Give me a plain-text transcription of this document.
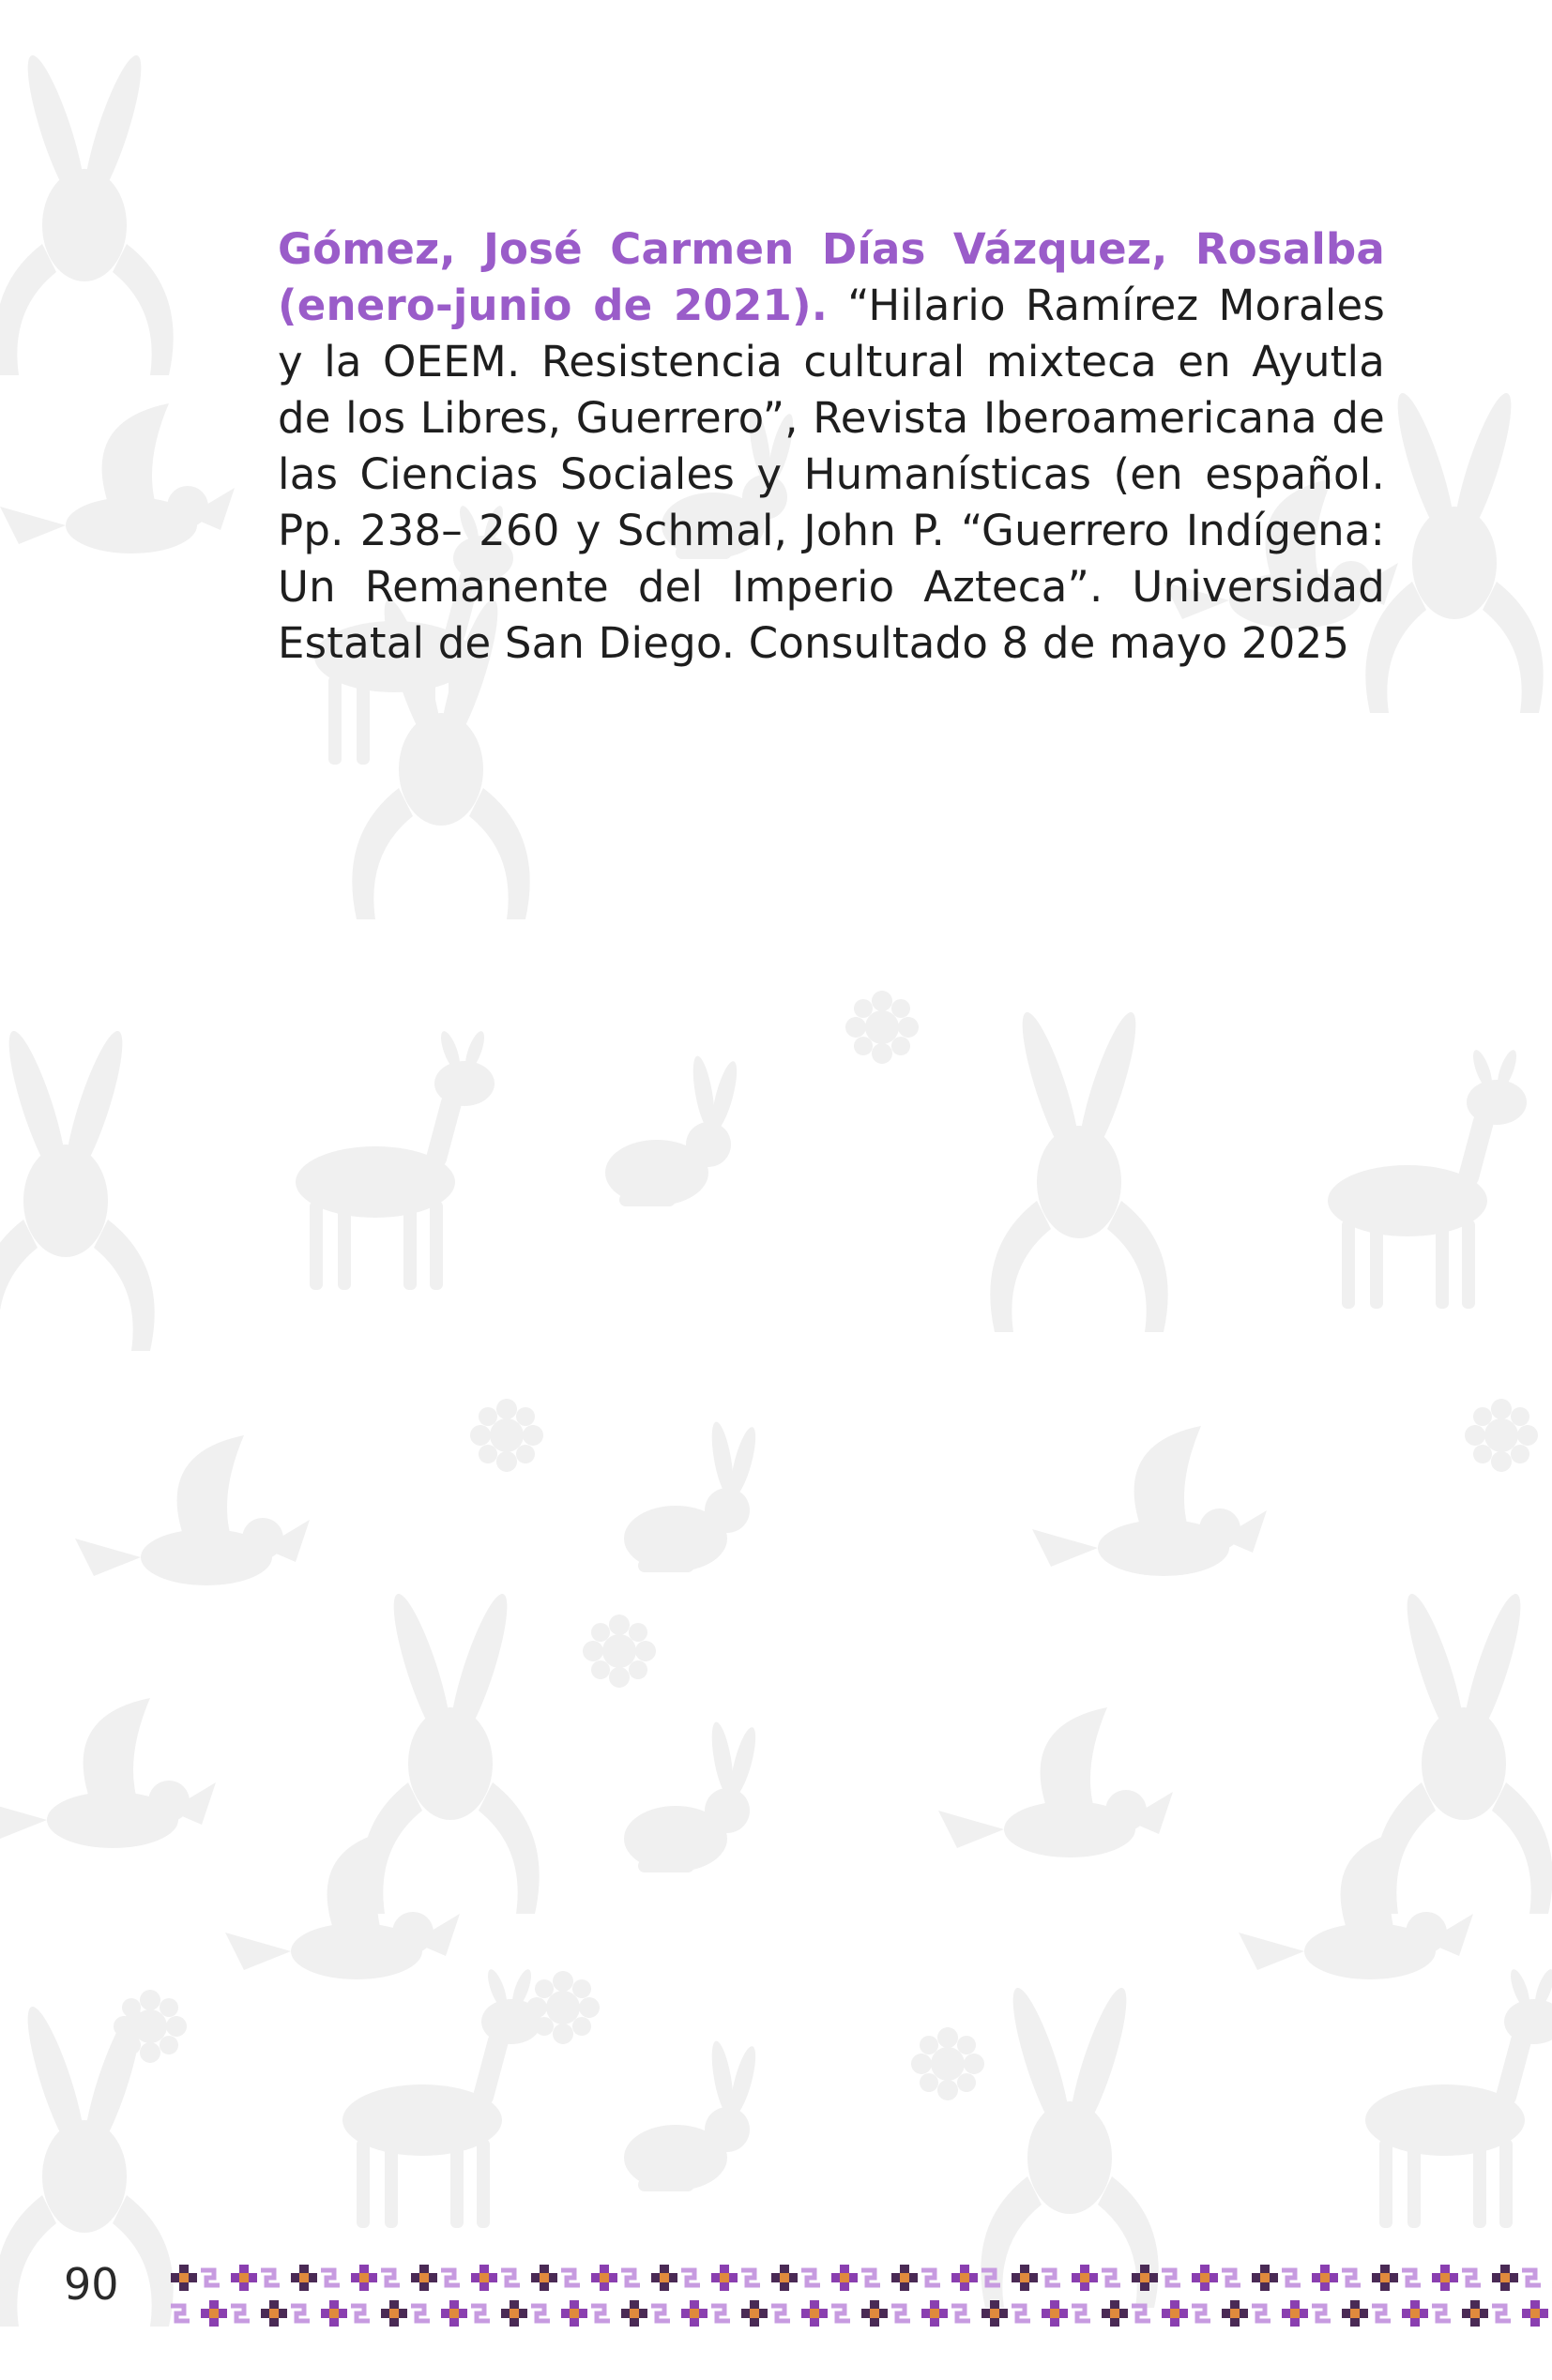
Gómez, José Carmen Días Vázquez, Rosalba (enero-junio de 2021). “Hilario Ramírez Morales y la OEEM. Resistencia cultural mixteca en Ayutla de los Libres, Guerrero”, Revista Iberoamericana de las Ciencias Sociales y Humanísticas (en español. Pp. 238– 260 y Schmal, John P. “Guerrero Indígena: Un Remanente del Imperio Azteca”. Universidad Estatal de San Diego. Consultado 8 de mayo 2025
90
